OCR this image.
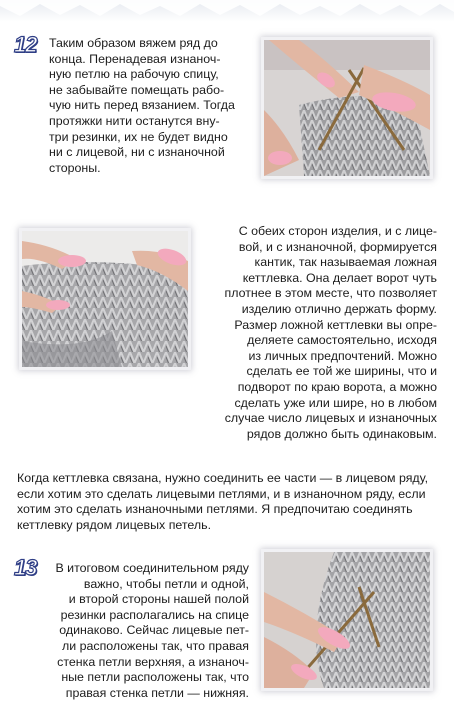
12 Таким образом вяжем ряд до
конца. Перенадевая изнаноч-
ную петлю на рабочую спицу,
не забывайте помещать рабо-
чую нить перед вязанием. Тогда
протяжки нити останутся вну-
три резинки, их не будет видно
ни с лицевой, ни с изнаночной
стороны.

С обеих сторон изделия, и с лице-
вой, и с изнаночной, формируется
кантик, так называемая ложная
кеттлевка. Она делает ворот чуть
плотнее в этом месте, что позволяет
изделию отлично держать форму.
Размер ложной кеттлевки вы опре-
деляете самостоятельно, исходя
из личных предпочтений. Можно
сделать ее той же ширины, что и
подворот по краю ворота, а можно
сделать уже или шире, но в любом
случае число лицевых и изнаночных
рядов должно быть одинаковым.

Когда кеттлевка связана, нужно соединить ее части — в лицевом ряду,
если хотим это сделать лицевыми петлями, и в изнаночном ряду, если
хотим это сделать изнаночными петлями. Я предпочитаю соединять
кеттлевку рядом лицевых петель.

13	В итоговом соединительном ряду
важно, чтобы петли и одной,
и второй стороны нашей полой
резинки располагались на спице
одинаково. Сейчас лицевые пет-
ли расположены так, что правая
стенка петли верхняя, а изнаноч-
ные петли расположены так, что
правая стенка петли — нижняя.
